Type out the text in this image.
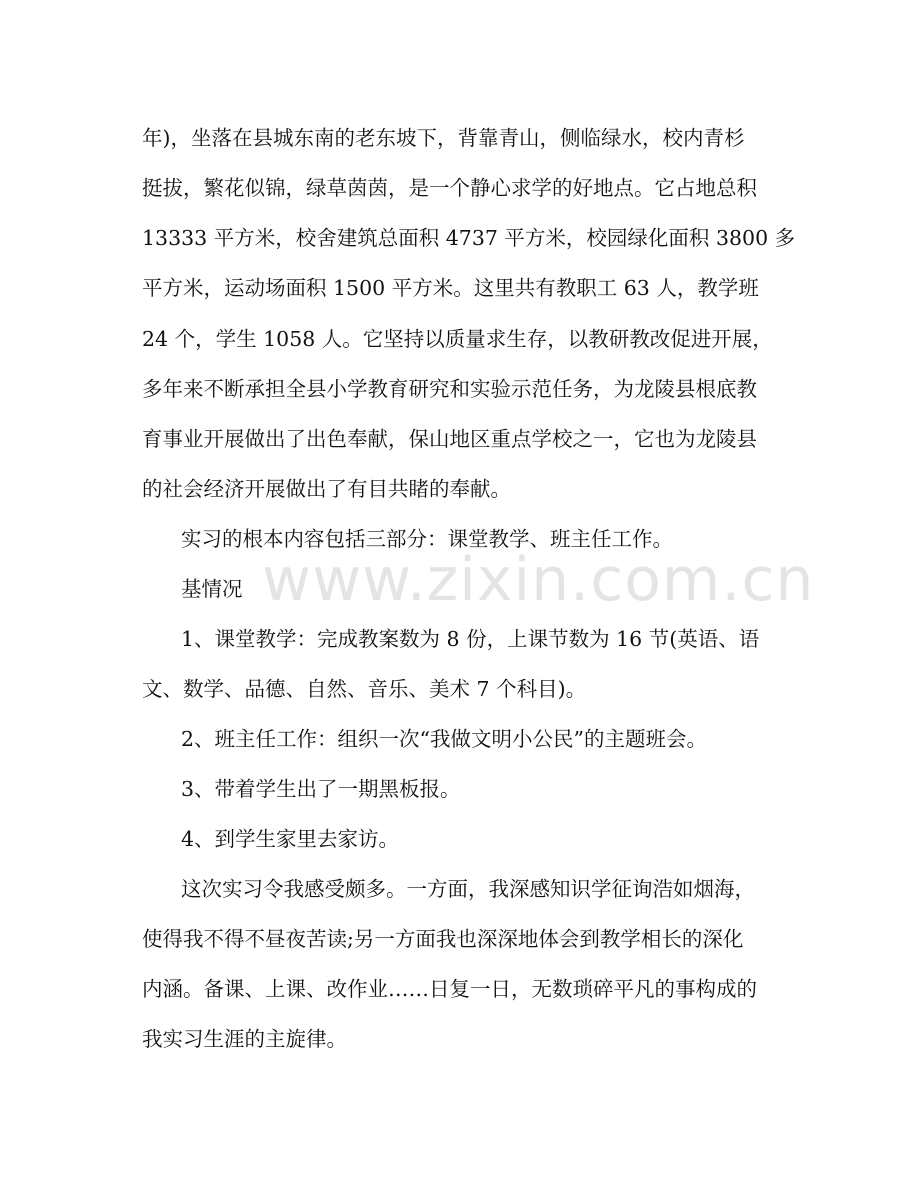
www.zixin.com.cn
年)，坐落在县城东南的老东坡下，背靠青山，侧临绿水，校内青杉
挺拔，繁花似锦，绿草茵茵，是一个静心求学的好地点。它占地总积
13333 平方米，校舍建筑总面积 4737 平方米，校园绿化面积 3800 多
平方米，运动场面积 1500 平方米。这里共有教职工 63 人，教学班
24 个，学生 1058 人。它坚持以质量求生存，以教研教改促进开展，
多年来不断承担全县小学教育研究和实验示范任务，为龙陵县根底教
育事业开展做出了出色奉献，保山地区重点学校之一，它也为龙陵县
的社会经济开展做出了有目共睹的奉献。
实习的根本内容包括三部分：课堂教学、班主任工作。
基情况
1、课堂教学：完成教案数为 8 份，上课节数为 16 节(英语、语
文、数学、品德、自然、音乐、美术 7 个科目)。
2、班主任工作：组织一次“我做文明小公民”的主题班会。
3、带着学生出了一期黑板报。
4、到学生家里去家访。
这次实习令我感受颇多。一方面，我深感知识学征询浩如烟海，
使得我不得不昼夜苦读;另一方面我也深深地体会到教学相长的深化
内涵。备课、上课、改作业……日复一日，无数琐碎平凡的事构成的
我实习生涯的主旋律。
